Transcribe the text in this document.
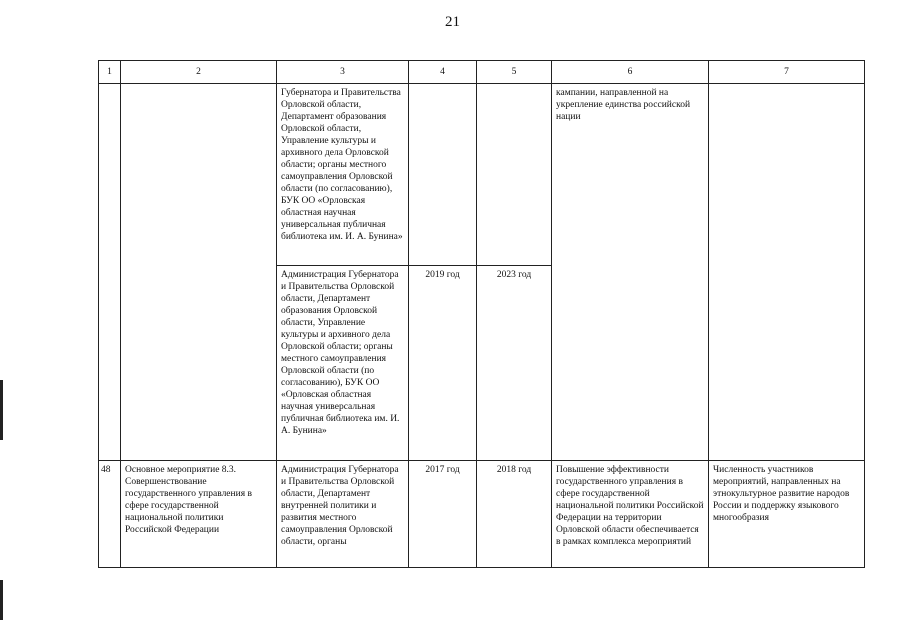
21
1	2	3	4	5	6	7
		Губернатора и Правительства Орловской области, Департамент образования Орловской области, Управление культуры и архивного дела Орловской области; органы местного самоуправления Орловской области (по согласованию), БУК ОО «Орловская областная научная универсальная публичная библиотека им. И. А. Бунина»			кампании, направленной на укрепление единства российской нации	
		Администрация Губернатора и Правительства Орловской области, Департамент образования Орловской области, Управление культуры и архивного дела Орловской области; органы местного самоуправления Орловской области (по согласованию), БУК ОО «Орловская областная научная универсальная публичная библиотека им. И. А. Бунина»	2019 год	2023 год		
48	Основное мероприятие 8.3. Совершенствование государственного управления в сфере государственной национальной политики Российской Федерации	Администрация Губернатора и Правительства Орловской области, Департамент внутренней политики и развития местного самоуправления Орловской области, органы	2017 год	2018 год	Повышение эффективности государственного управления в сфере государственной национальной политики Российской Федерации на территории Орловской области обеспечивается в рамках комплекса мероприятий	Численность участников мероприятий, направленных на этнокультурное развитие народов России и поддержку языкового многообразия
